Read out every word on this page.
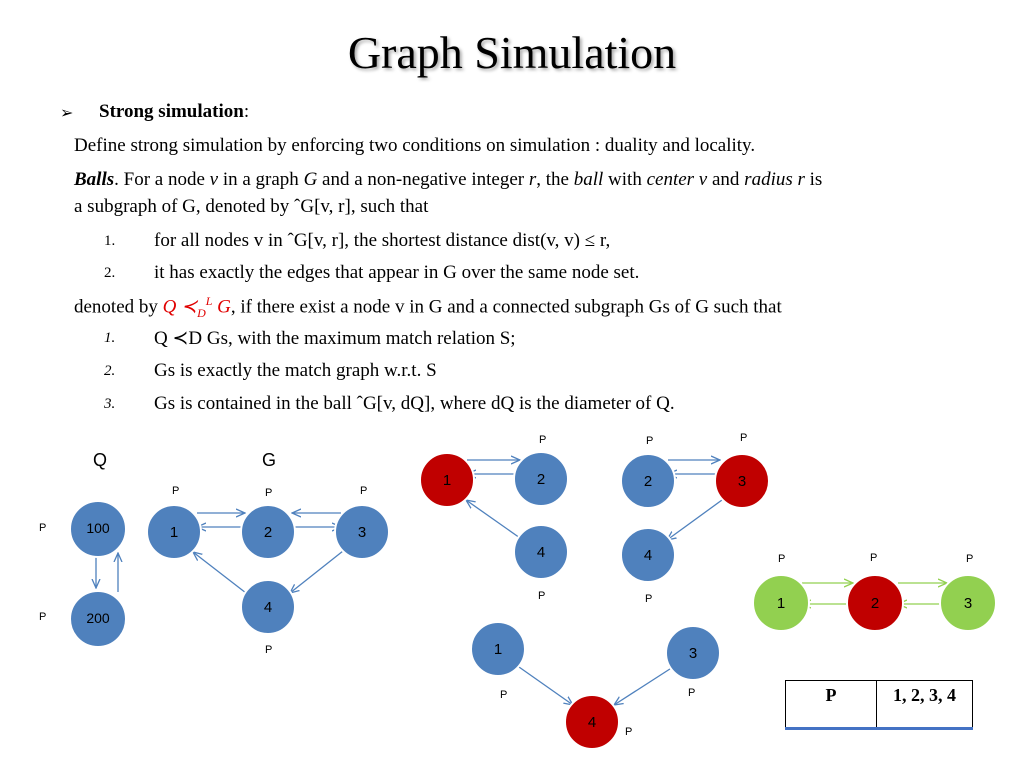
Graph Simulation
➢ Strong simulation:
Define strong simulation by enforcing two conditions on simulation : duality and locality.
Balls. For a node v in a graph G and a non-negative integer r, the ball with center v and radius r is
a subgraph of G, denoted by ˆG[v, r], such that
1. for all nodes v in ˆG[v, r], the shortest distance dist(v, v) ≤ r,
2. it has exactly the edges that appear in G over the same node set.
denoted by Q $≺_D^L$ G, if there exist a node v in G and a connected subgraph Gs of G such that
1. Q ≺D Gs, with the maximum match relation S;
2. Gs is exactly the match graph w.r.t. S
3. Gs is contained in the ball ˆG[v, dQ], where dQ is the diameter of Q.
Q
100
200
P
P
G
1	2	3
4
P	P	P
P
1	2
4
P
P
2	3
4
P	P
P	1	2	3
P	P	P
1	3
4
P	P
P
P	1, 2, 3, 4
